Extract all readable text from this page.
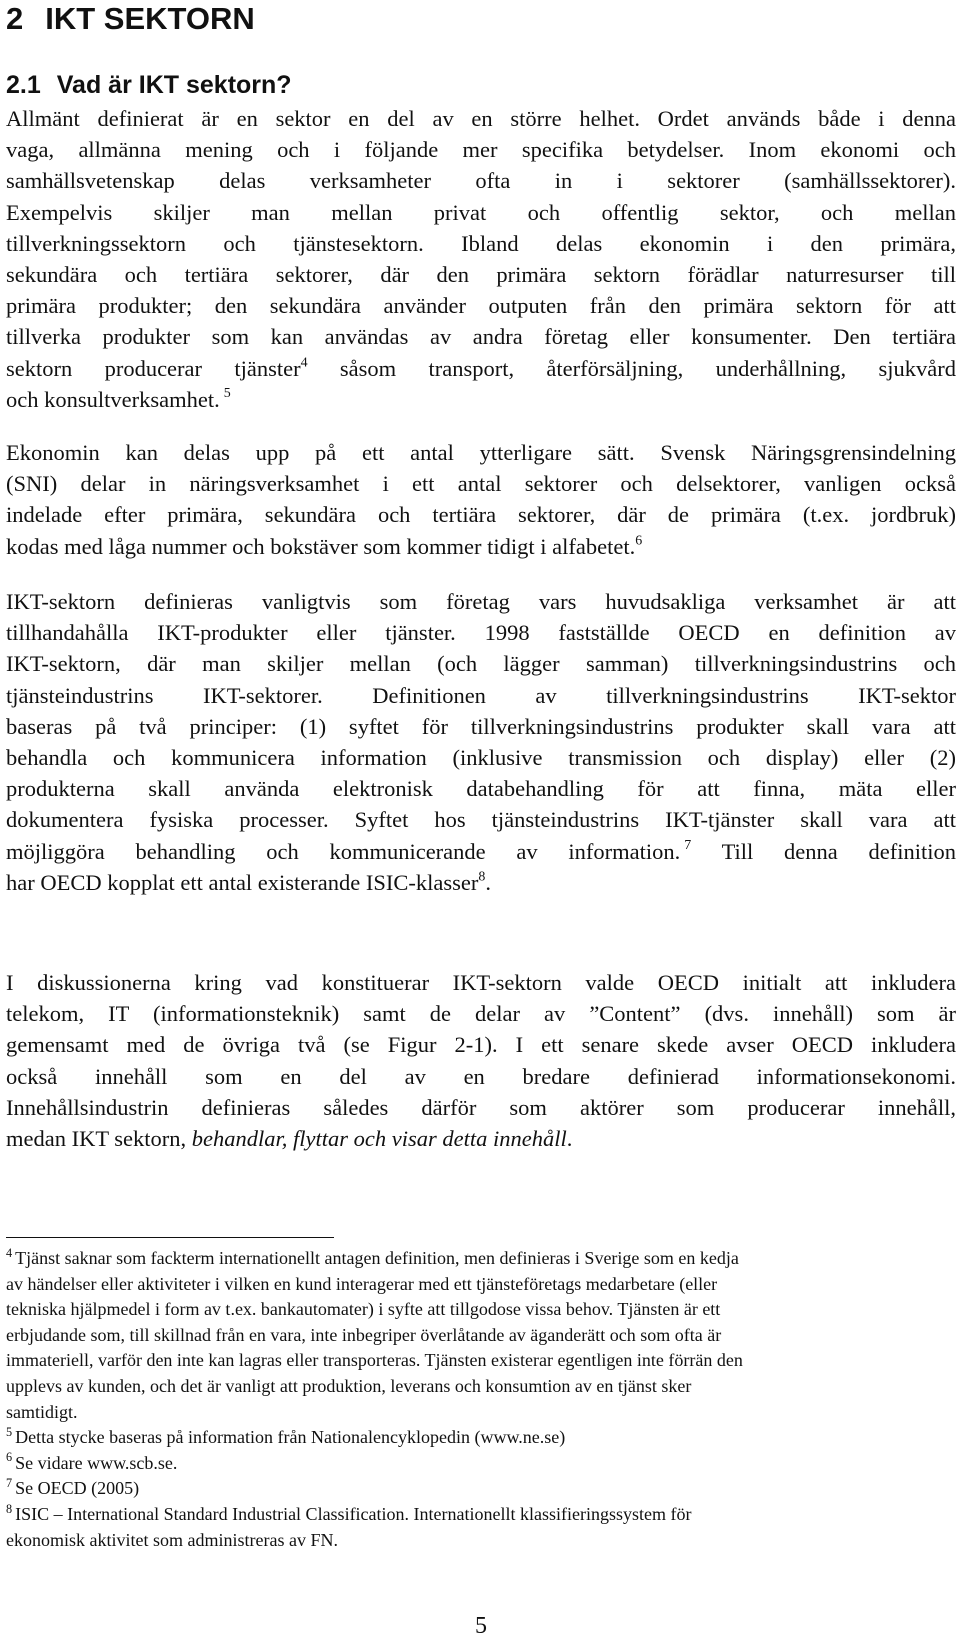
2 IKT SEKTORN
2.1 Vad är IKT sektorn?

Allmänt definierat är en sektor en del av en större helhet. Ordet används både i denna
vaga, allmänna mening och i följande mer specifika betydelser. Inom ekonomi och
samhällsvetenskap delas verksamheter ofta in i sektorer (samhällssektorer).
Exempelvis skiljer man mellan privat och offentlig sektor, och mellan
tillverkningssektorn och tjänstesektorn. Ibland delas ekonomin i den primära,
sekundära och tertiära sektorer, där den primära sektorn förädlar naturresurser till
primära produkter; den sekundära använder outputen från den primära sektorn för att
tillverka produkter som kan användas av andra företag eller konsumenter. Den tertiära
sektorn producerar tjänster$^4$ såsom transport, återförsäljning, underhållning, sjukvård
och konsultverksamhet. $^5$

Ekonomin kan delas upp på ett antal ytterligare sätt. Svensk Näringsgrensindelning
(SNI) delar in näringsverksamhet i ett antal sektorer och delsektorer, vanligen också
indelade efter primära, sekundära och tertiära sektorer, där de primära (t.ex. jordbruk)
kodas med låga nummer och bokstäver som kommer tidigt i alfabetet.$^6$

IKT-sektorn definieras vanligtvis som företag vars huvudsakliga verksamhet är att
tillhandahålla IKT-produkter eller tjänster. 1998 fastställde OECD en definition av
IKT-sektorn, där man skiljer mellan (och lägger samman) tillverkningsindustrins och
tjänsteindustrins IKT-sektorer. Definitionen av tillverkningsindustrins IKT-sektor
baseras på två principer: (1) syftet för tillverkningsindustrins produkter skall vara att
behandla och kommunicera information (inklusive transmission och display) eller (2)
produkterna skall använda elektronisk databehandling för att finna, mäta eller
dokumentera fysiska processer. Syftet hos tjänsteindustrins IKT-tjänster skall vara att
möjliggöra behandling och kommunicerande av information. $^7$ Till denna definition
har OECD kopplat ett antal existerande ISIC-klasser$^8$.

I diskussionerna kring vad konstituerar IKT-sektorn valde OECD initialt att inkludera
telekom, IT (informationsteknik) samt de delar av ”Content” (dvs. innehåll) som är
gemensamt med de övriga två (se Figur 2-1). I ett senare skede avser OECD inkludera
också innehåll som en del av en bredare definierad informationsekonomi.
Innehållsindustrin definieras således därför som aktörer som producerar innehåll,
medan IKT sektorn, behandlar, flyttar och visar detta innehåll.

$^4$ Tjänst saknar som fackterm internationellt antagen definition, men definieras i Sverige som en kedja
av händelser eller aktiviteter i vilken en kund interagerar med ett tjänsteföretags medarbetare (eller
tekniska hjälpmedel i form av t.ex. bankautomater) i syfte att tillgodose vissa behov. Tjänsten är ett
erbjudande som, till skillnad från en vara, inte inbegriper överlåtande av äganderätt och som ofta är
immateriell, varför den inte kan lagras eller transporteras. Tjänsten existerar egentligen inte förrän den
upplevs av kunden, och det är vanligt att produktion, leverans och konsumtion av en tjänst sker
samtidigt.

$^5$ Detta stycke baseras på information från Nationalencyklopedin (www.ne.se)

$^6$ Se vidare www.scb.se.

$^7$ Se OECD (2005)

$^8$ ISIC – International Standard Industrial Classification. Internationellt klassifieringssystem för
ekonomisk aktivitet som administreras av FN.

5
